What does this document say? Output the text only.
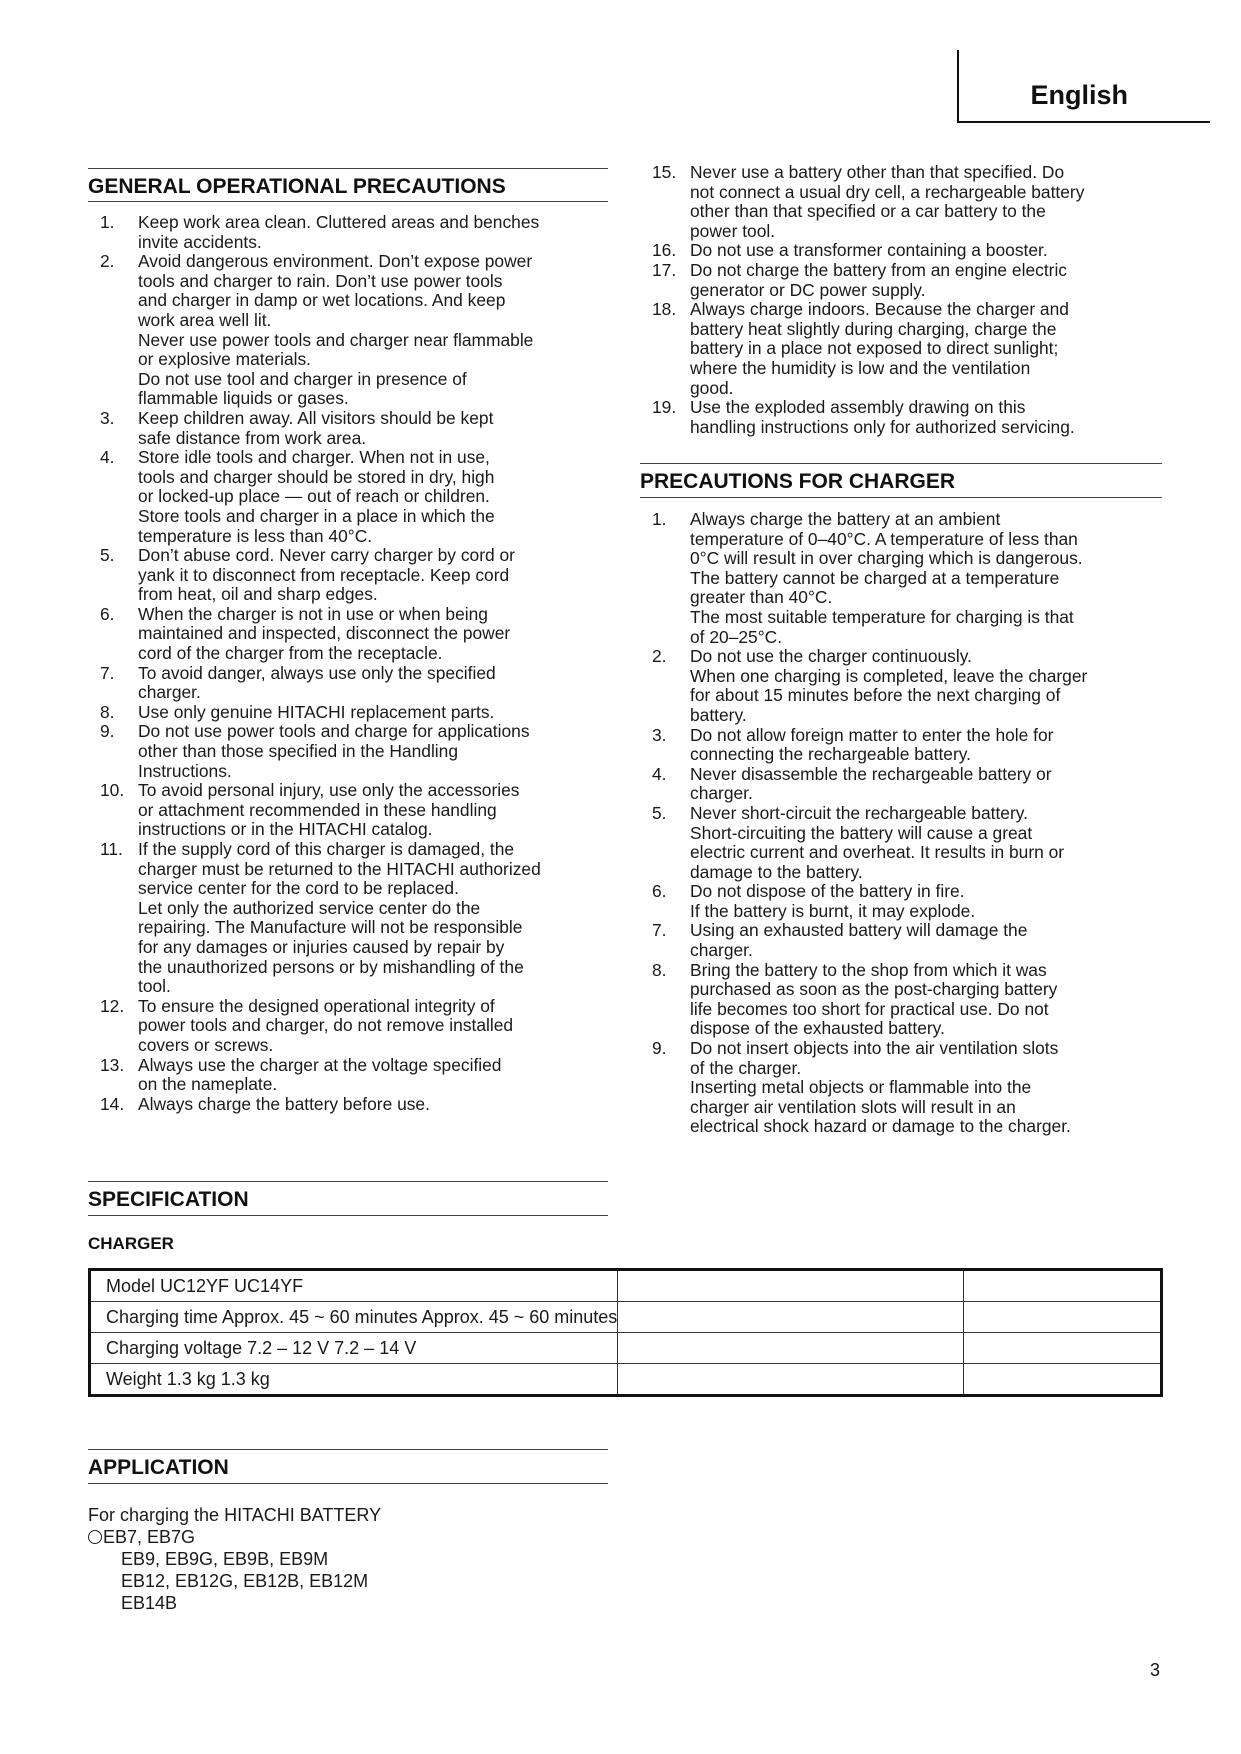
English
GENERAL OPERATIONAL PRECAUTIONS
1. Keep work area clean. Cluttered areas and benches
invite accidents.
2. Avoid dangerous environment. Don’t expose power
tools and charger to rain. Don’t use power tools
and charger in damp or wet locations. And keep
work area well lit.
Never use power tools and charger near flammable
or explosive materials.
Do not use tool and charger in presence of
flammable liquids or gases.
3. Keep children away. All visitors should be kept
safe distance from work area.
4. Store idle tools and charger. When not in use,
tools and charger should be stored in dry, high
or locked-up place — out of reach or children.
Store tools and charger in a place in which the
temperature is less than 40°C.
5. Don’t abuse cord. Never carry charger by cord or
yank it to disconnect from receptacle. Keep cord
from heat, oil and sharp edges.
6. When the charger is not in use or when being
maintained and inspected, disconnect the power
cord of the charger from the receptacle.
7. To avoid danger, always use only the specified
charger.
8. Use only genuine HITACHI replacement parts.
9. Do not use power tools and charge for applications
other than those specified in the Handling
Instructions.
10. To avoid personal injury, use only the accessories
or attachment recommended in these handling
instructions or in the HITACHI catalog.
11. If the supply cord of this charger is damaged, the
charger must be returned to the HITACHI authorized
service center for the cord to be replaced.
Let only the authorized service center do the
repairing. The Manufacture will not be responsible
for any damages or injuries caused by repair by
the unauthorized persons or by mishandling of the
tool.
12. To ensure the designed operational integrity of
power tools and charger, do not remove installed
covers or screws.
13. Always use the charger at the voltage specified
on the nameplate.
14. Always charge the battery before use.
15. Never use a battery other than that specified. Do
not connect a usual dry cell, a rechargeable battery
other than that specified or a car battery to the
power tool.
16. Do not use a transformer containing a booster.
17. Do not charge the battery from an engine electric
generator or DC power supply.
18. Always charge indoors. Because the charger and
battery heat slightly during charging, charge the
battery in a place not exposed to direct sunlight;
where the humidity is low and the ventilation
good.
19. Use the exploded assembly drawing on this
handling instructions only for authorized servicing.
PRECAUTIONS FOR CHARGER
1. Always charge the battery at an ambient
temperature of 0–40°C. A temperature of less than
0°C will result in over charging which is dangerous.
The battery cannot be charged at a temperature
greater than 40°C.
The most suitable temperature for charging is that
of 20–25°C.
2. Do not use the charger continuously.
When one charging is completed, leave the charger
for about 15 minutes before the next charging of
battery.
3. Do not allow foreign matter to enter the hole for
connecting the rechargeable battery.
4. Never disassemble the rechargeable battery or
charger.
5. Never short-circuit the rechargeable battery.
Short-circuiting the battery will cause a great
electric current and overheat. It results in burn or
damage to the battery.
6. Do not dispose of the battery in fire.
If the battery is burnt, it may explode.
7. Using an exhausted battery will damage the
charger.
8. Bring the battery to the shop from which it was
purchased as soon as the post-charging battery
life becomes too short for practical use. Do not
dispose of the exhausted battery.
9. Do not insert objects into the air ventilation slots
of the charger.
Inserting metal objects or flammable into the
charger air ventilation slots will result in an
electrical shock hazard or damage to the charger.
SPECIFICATION
CHARGER
Model UC12YF UC14YF		
Charging time Approx. 45 ~ 60 minutes Approx. 45 ~ 60 minutes		
Charging voltage 7.2 – 12 V 7.2 – 14 V		
Weight 1.3 kg 1.3 kg		
APPLICATION
For charging the HITACHI BATTERY
EB7, EB7G
EB9, EB9G, EB9B, EB9M
EB12, EB12G, EB12B, EB12M
EB14B
3
